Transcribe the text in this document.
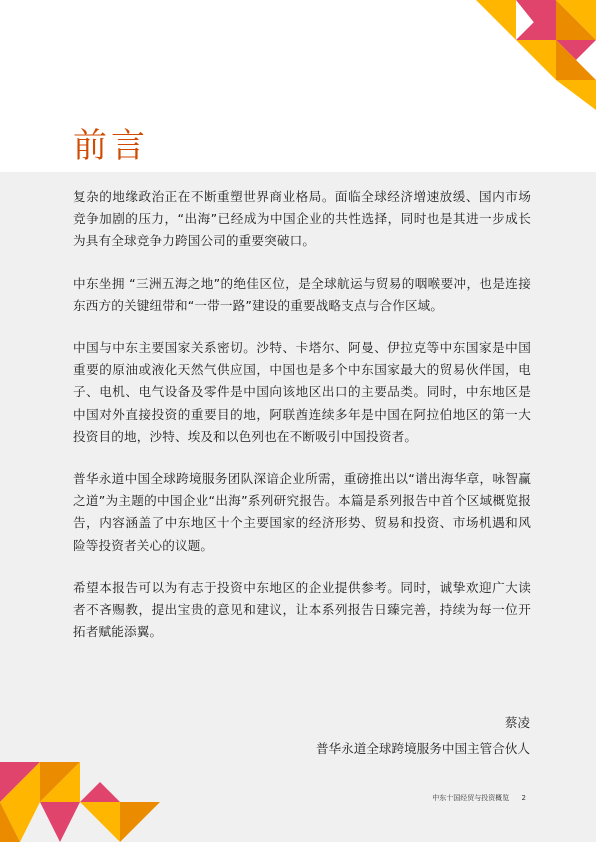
前言

复杂的地缘政治正在不断重塑世界商业格局。面临全球经济增速放缓、国内市场竞争加剧的压力，“出海”已经成为中国企业的共性选择，同时也是其进一步成长为具有全球竞争力跨国公司的重要突破口。

中东坐拥 “三洲五海之地”的绝佳区位，是全球航运与贸易的咽喉要冲，也是连接东西方的关键纽带和“一带一路”建设的重要战略支点与合作区域。

中国与中东主要国家关系密切。沙特、卡塔尔、阿曼、伊拉克等中东国家是中国重要的原油或液化天然气供应国，中国也是多个中东国家最大的贸易伙伴国，电子、电机、电气设备及零件是中国向该地区出口的主要品类。同时，中东地区是中国对外直接投资的重要目的地，阿联酋连续多年是中国在阿拉伯地区的第一大投资目的地，沙特、埃及和以色列也在不断吸引中国投资者。

普华永道中国全球跨境服务团队深谙企业所需，重磅推出以“谱出海华章，咏智赢之道”为主题的中国企业“出海”系列研究报告。本篇是系列报告中首个区域概览报告，内容涵盖了中东地区十个主要国家的经济形势、贸易和投资、市场机遇和风险等投资者关心的议题。

希望本报告可以为有志于投资中东地区的企业提供参考。同时，诚挚欢迎广大读者不吝赐教，提出宝贵的意见和建议，让本系列报告日臻完善，持续为每一位开拓者赋能添翼。

蔡凌

普华永道全球跨境服务中国主管合伙人

中东十国经贸与投资概览 2
